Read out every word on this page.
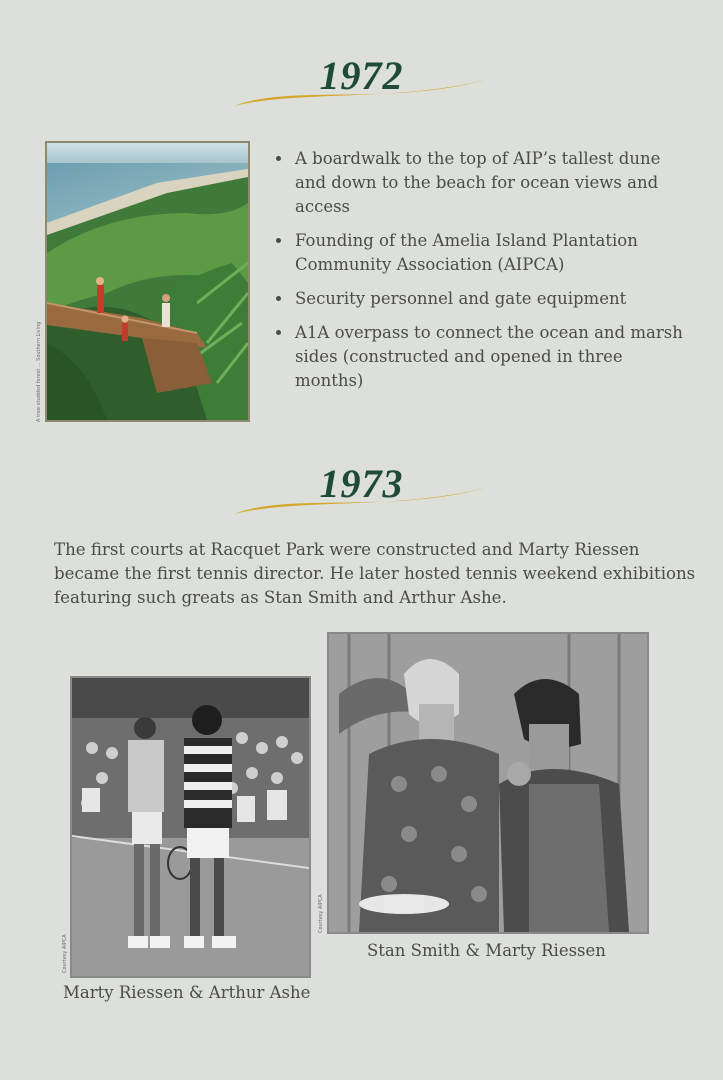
1972
A tree-studded forest ... Southern Living
• A boardwalk to the top of AIP’s tallest dune and down to the beach for ocean views and access
• Founding of the Amelia Island Plantation Community Association (AIPCA)
• Security personnel and gate equipment
• A1A overpass to connect the ocean and marsh sides (constructed and opened in three months)
1973
The first courts at Racquet Park were constructed and Marty Riessen became the first tennis director. He later hosted tennis weekend exhibitions featuring such greats as Stan Smith and Arthur Ashe.
Courtesy AIPCA
Marty Riessen & Arthur Ashe
Courtesy AIPCA
Stan Smith & Marty Riessen
